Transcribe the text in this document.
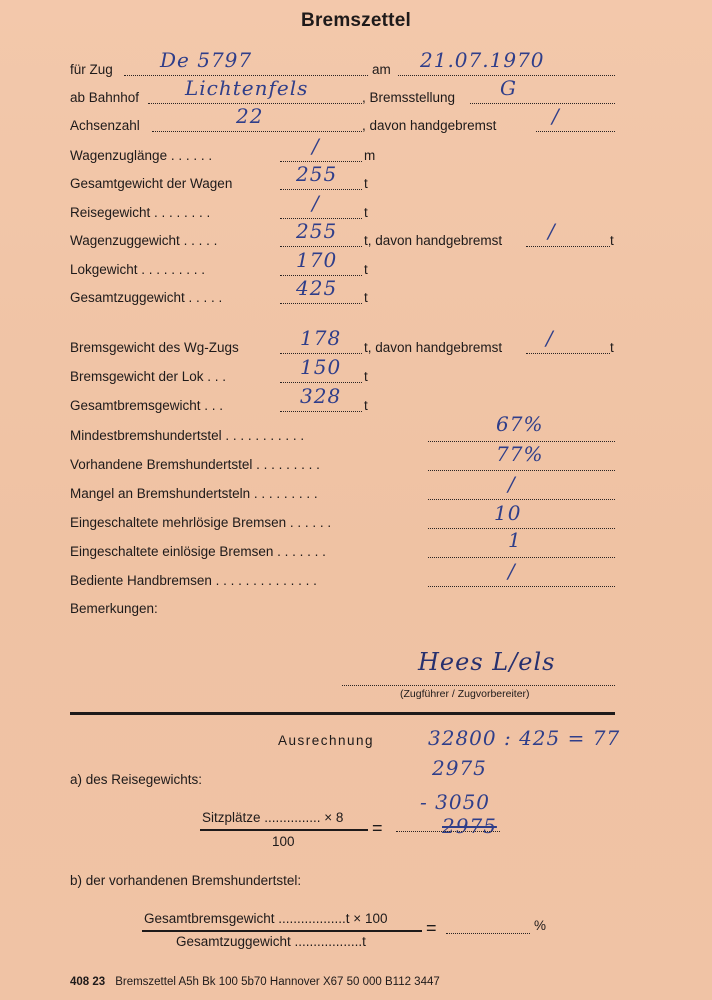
Bremszettel
für Zug De 5797	am 21.07.1970
ab Bahnhof Lichtenfels	, Bremsstellung G
Achsenzahl	22	, davon handgebremst	/
Wagenzuglänge . . . . . .	/	m
Gesamtgewicht der Wagen	255 t
Reisegewicht . . . . . . . .	/	t
Wagenzuggewicht . . . . .	255 t, davon handgebremst /	t
Lokgewicht . . . . . . . . .	170 t
Gesamtzuggewicht . . . . .	425 t
Bremsgewicht des Wg-Zugs	178 t, davon handgebremst /	t
Bremsgewicht der Lok . . .	150 t
Gesamtbremsgewicht . . .	328 t
Mindestbremshundertstel . . . . . . . . . . .	67%
Vorhandene Bremshundertstel . . . . . . . . .	77%
Mangel an Bremshundertsteln . . . . . . . . .	/
Eingeschaltete mehrlösige Bremsen . . . . . .	10
Eingeschaltete einlösige Bremsen . . . . . . .	1
Bediente Handbremsen . . . . . . . . . . . . . .	/
Bemerkungen:
Hees L/els
(Zugführer / Zugvorbereiter)
Ausrechnung	32800 : 425 = 77
2975
- 3050
2975
a) des Reisegewichts:
Sitzplätze ............... × 8
100
=
b) der vorhandenen Bremshundertstel:
Gesamtbremsgewicht ..................t × 100
Gesamtzuggewicht ..................t
=	%
408 23 Bremszettel A5h Bk 100 5b70 Hannover X67 50 000 B112 3447
